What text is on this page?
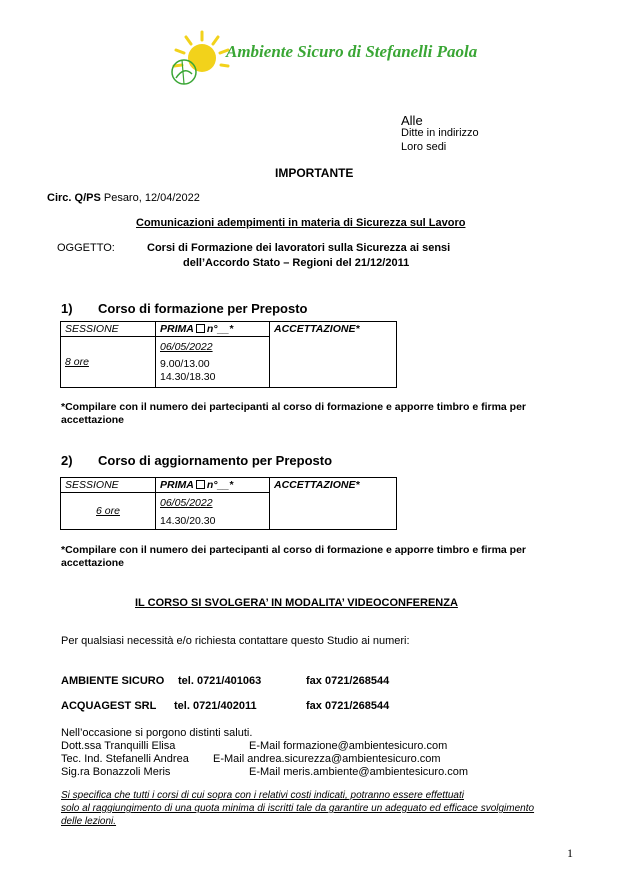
Ambiente Sicuro di Stefanelli Paola
Alle
Ditte in indirizzo
Loro sedi
IMPORTANTE
Circ. Q/PS Pesaro, 12/04/2022
Comunicazioni adempimenti in materia di Sicurezza sul Lavoro
OGGETTO:	Corsi di Formazione dei lavoratori sulla Sicurezza ai sensi
dell’Accordo Stato – Regioni del 21/12/2011
1) Corso di formazione per Preposto
SESSIONE	PRIMA n°__*	ACCETTAZIONE*
8 ore	06/05/2022
9.00/13.00
14.30/18.30	
*Compilare con il numero dei partecipanti al corso di formazione e apporre timbro e firma per
accettazione
2) Corso di aggiornamento per Preposto
SESSIONE	PRIMA n°__*	ACCETTAZIONE*
6 ore	06/05/2022
14.30/20.30	
*Compilare con il numero dei partecipanti al corso di formazione e apporre timbro e firma per
accettazione
IL CORSO SI SVOLGERA’ IN MODALITA’ VIDEOCONFERENZA
Per qualsiasi necessità e/o richiesta contattare questo Studio ai numeri:
AMBIENTE SICURO tel. 0721/401063	fax 0721/268544
ACQUAGEST SRL tel. 0721/402011	fax 0721/268544
Nell’occasione si porgono distinti saluti.
Dott.ssa Tranquilli Elisa	E-Mail formazione@ambientesicuro.com
Tec. Ind. Stefanelli Andrea E-Mail andrea.sicurezza@ambientesicuro.com
Sig.ra Bonazzoli Meris	E-Mail meris.ambiente@ambientesicuro.com
Si specifica che tutti i corsi di cui sopra con i relativi costi indicati, potranno essere effettuati
solo al raggiungimento di una quota minima di iscritti tale da garantire un adeguato ed efficace svolgimento
delle lezioni.
1
